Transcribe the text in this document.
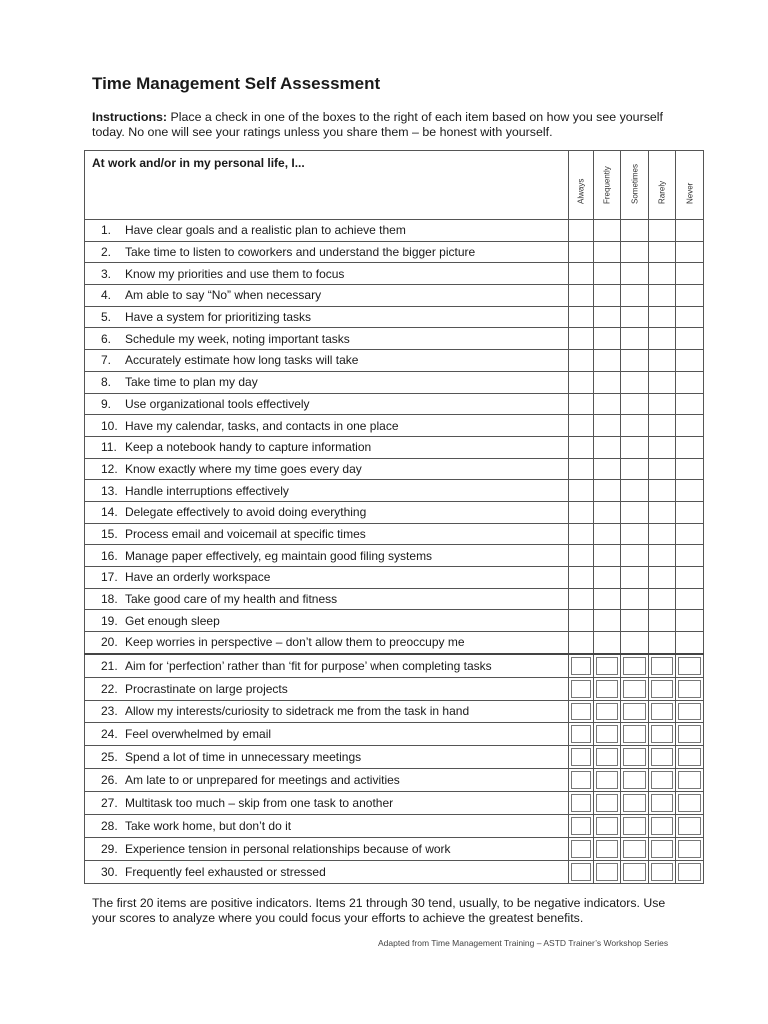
Time Management Self Assessment

Instructions: Place a check in one of the boxes to the right of each item based on how you see yourself today. No one will see your ratings unless you share them – be honest with yourself.

At work and/or in my personal life, I...	Always	Frequently	Sometimes	Rarely	Never

1. Have clear goals and a realistic plan to achieve them					
2. Take time to listen to coworkers and understand the bigger picture					
3. Know my priorities and use them to focus					
4. Am able to say “No” when necessary					
5. Have a system for prioritizing tasks					
6. Schedule my week, noting important tasks					
7. Accurately estimate how long tasks will take					
8. Take time to plan my day					
9. Use organizational tools effectively					
10. Have my calendar, tasks, and contacts in one place					
11. Keep a notebook handy to capture information					
12. Know exactly where my time goes every day					
13. Handle interruptions effectively					
14. Delegate effectively to avoid doing everything					
15. Process email and voicemail at specific times					
16. Manage paper effectively, eg maintain good filing systems					
17. Have an orderly workspace					
18. Take good care of my health and fitness					
19. Get enough sleep					
20. Keep worries in perspective – don’t allow them to preoccupy me					
21. Aim for ‘perfection’ rather than ‘fit for purpose’ when completing tasks					
22. Procrastinate on large projects					
23. Allow my interests/curiosity to sidetrack me from the task in hand					
24. Feel overwhelmed by email					
25. Spend a lot of time in unnecessary meetings					
26. Am late to or unprepared for meetings and activities					
27. Multitask too much – skip from one task to another					
28. Take work home, but don’t do it					
29. Experience tension in personal relationships because of work					
30. Frequently feel exhausted or stressed					

The first 20 items are positive indicators. Items 21 through 30 tend, usually, to be negative indicators. Use your scores to analyze where you could focus your efforts to achieve the greatest benefits.

Adapted from Time Management Training – ASTD Trainer’s Workshop Series
